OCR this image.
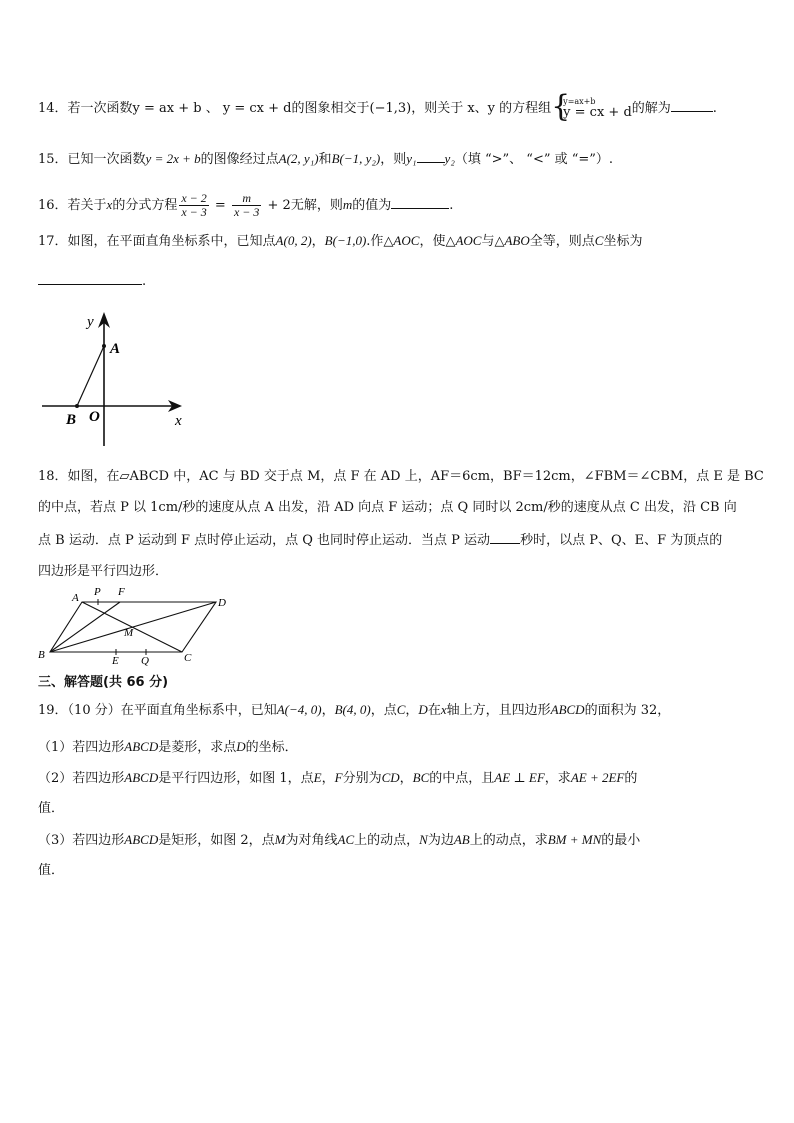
14．若一次函数y = ax + b 、 y = cx + d的图象相交于(−1,3)，则关于 x、y 的方程组 {
y=ax+b
y = cx + d 的解为	.
15．已知一次函数y = 2x + b的图像经过点A(2, y₁)和B(−1, y₂)，则y₁ y₂（填 “>”、 “<” 或 “=”）.
16．若关于x的分式方程 $\frac{x - 2}{x - 3} = \frac{m}{x - 3} + 2$无解，则m的值为	.
17．如图，在平面直角坐标系中，已知点A(0, 2)，B(−1,0).作△AOC，使△AOC与△ABO全等，则点C坐标为
.
y
A
B O	x
18．如图，在▱ABCD 中，AC 与 BD 交于点 M，点 F 在 AD 上，AF＝6cm，BF＝12cm，∠FBM＝∠CBM，点 E 是 BC
的中点，若点 P 以 1cm/秒的速度从点 A 出发，沿 AD 向点 F 运动；点 Q 同时以 2cm/秒的速度从点 C 出发，沿 CB 向
点 B 运动．点 P 运动到 F 点时停止运动，点 Q 也同时停止运动．当点 P 运动 秒时，以点 P、Q、E、F 为顶点的
四边形是平行四边形．
A P F
D
M
B	E Q	C
三、解答题(共 66 分)
19．（10 分）在平面直角坐标系中，已知A(−4, 0)，B(4, 0)，点C，D在x轴上方，且四边形ABCD的面积为 32，
（1）若四边形ABCD是菱形，求点D的坐标．
（2）若四边形ABCD是平行四边形，如图 1，点E，F分别为CD，BC的中点，且AE ⊥ EF，求AE + 2EF的
值．
（3）若四边形ABCD是矩形，如图 2，点M为对角线AC上的动点，N为边AB上的动点，求BM + MN的最小
值．
